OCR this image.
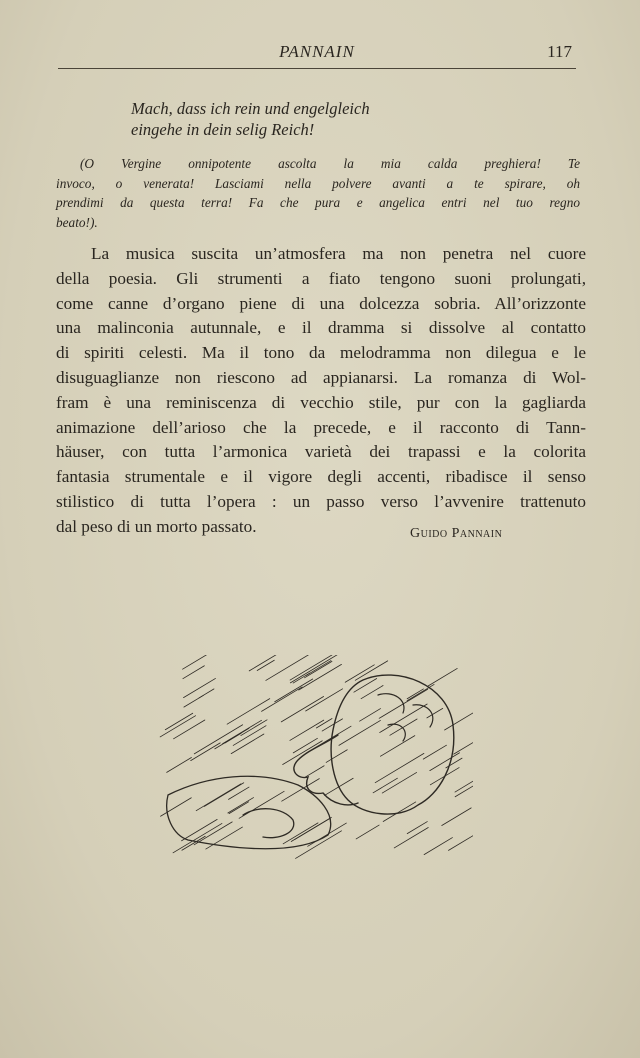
PANNAIN	117
Mach, dass ich rein und engelgleich
eingehe in dein selig Reich!
(O Vergine onnipotente ascolta la mia calda preghiera! Te
invoco, o venerata! Lasciami nella polvere avanti a te spirare, oh
prendimi da questa terra! Fa che pura e angelica entri nel tuo regno
beato!).
La musica suscita un’atmosfera ma non penetra nel cuore
della poesia. Gli strumenti a fiato tengono suoni prolungati,
come canne d’organo piene di una dolcezza sobria. All’orizzonte
una malinconia autunnale, e il dramma si dissolve al contatto
di spiriti celesti. Ma il tono da melodramma non dilegua e le
disuguaglianze non riescono ad appianarsi. La romanza di Wol-
fram è una reminiscenza di vecchio stile, pur con la gagliarda
animazione dell’arioso che la precede, e il racconto di Tann-
häuser, con tutta l’armonica varietà dei trapassi e la colorita
fantasia strumentale e il vigore degli accenti, ribadisce il senso
stilistico di tutta l’opera : un passo verso l’avvenire trattenuto
dal peso di un morto passato.	Guido Pannain
